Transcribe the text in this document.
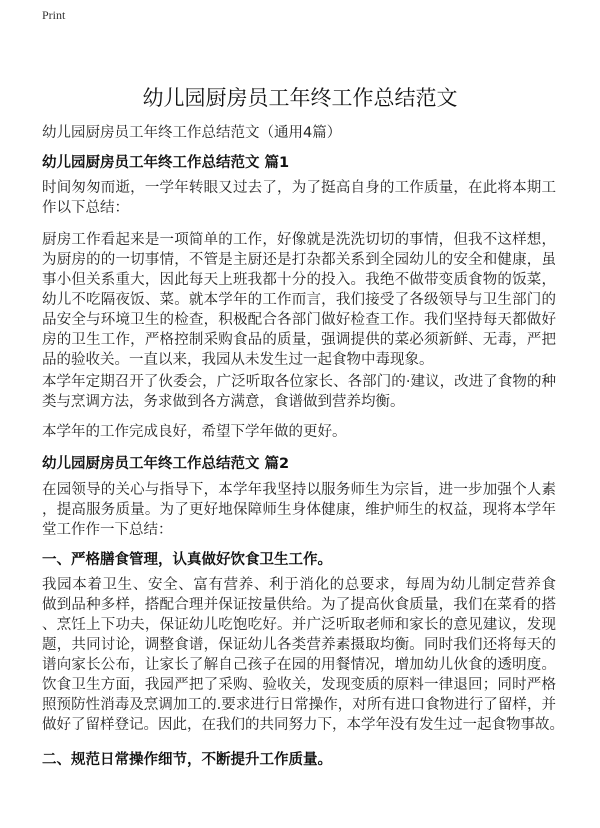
Print
幼儿园厨房员工年终工作总结范文
幼儿园厨房员工年终工作总结范文（通用4篇）
幼儿园厨房员工年终工作总结范文 篇1
时间匆匆而逝，一学年转眼又过去了，为了挺高自身的工作质量，在此将本期工
作以下总结：
厨房工作看起来是一项简单的工作，好像就是洗洗切切的事情，但我不这样想，
为厨房的的一切事情，不管是主厨还是打杂都关系到全园幼儿的安全和健康，虽
事小但关系重大，因此每天上班我都十分的投入。我绝不做带变质食物的饭菜，
幼儿不吃隔夜饭、菜。就本学年的工作而言，我们接受了各级领导与卫生部门的
品安全与环境卫生的检查，积极配合各部门做好检查工作。我们坚持每天都做好
房的卫生工作，严格控制采购食品的质量，强调提供的菜必须新鲜、无毒，严把
品的验收关。一直以来，我园从未发生过一起食物中毒现象。
本学年定期召开了伙委会，广泛听取各位家长、各部门的·建议，改进了食物的种
类与烹调方法，务求做到各方满意，食谱做到营养均衡。
本学年的工作完成良好，希望下学年做的更好。
幼儿园厨房员工年终工作总结范文 篇2
在园领导的关心与指导下，本学年我坚持以服务师生为宗旨，进一步加强个人素
，提高服务质量。为了更好地保障师生身体健康，维护师生的权益，现将本学年
堂工作作一下总结：
一、严格膳食管理，认真做好饮食卫生工作。
我园本着卫生、安全、富有营养、利于消化的总要求，每周为幼儿制定营养食
做到品种多样，搭配合理并保证按量供给。为了提高伙食质量，我们在菜肴的搭
、烹饪上下功夫，保证幼儿吃饱吃好。并广泛听取老师和家长的意见建议，发现
题，共同讨论，调整食谱，保证幼儿各类营养素摄取均衡。同时我们还将每天的
谱向家长公布，让家长了解自己孩子在园的用餐情况，增加幼儿伙食的透明度。
饮食卫生方面，我园严把了采购、验收关，发现变质的原料一律退回；同时严格
照预防性消毒及烹调加工的.要求进行日常操作，对所有进口食物进行了留样，并
做好了留样登记。因此，在我们的共同努力下，本学年没有发生过一起食物事故。
二、规范日常操作细节，不断提升工作质量。
